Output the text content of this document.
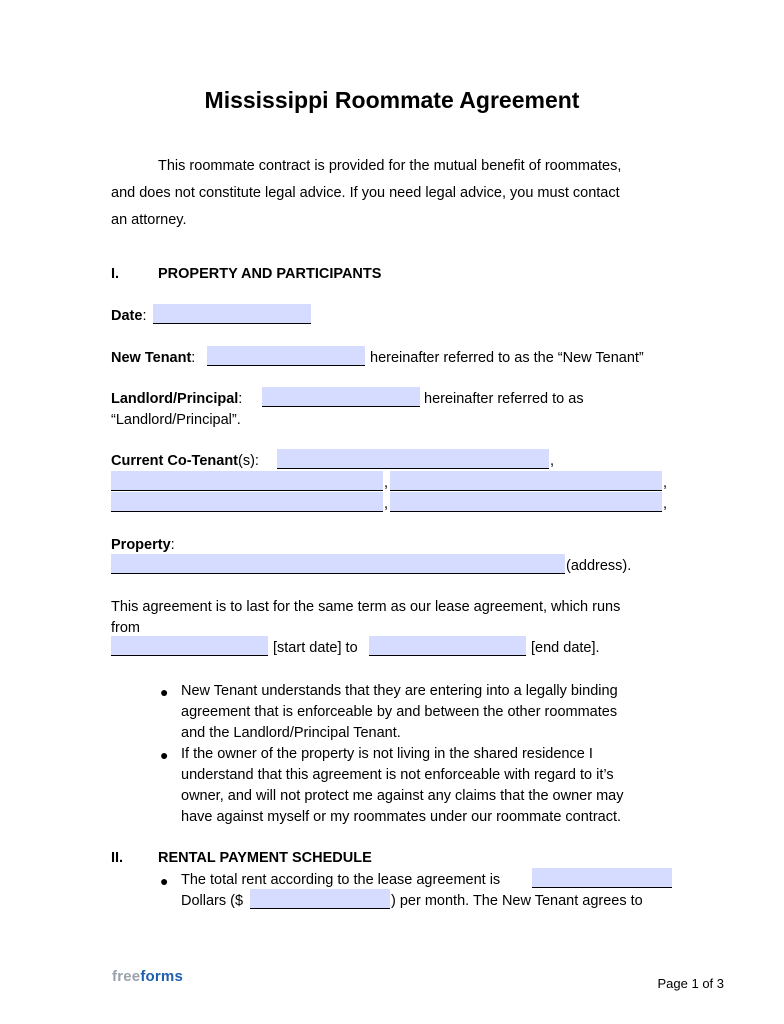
Mississippi Roommate Agreement
This roommate contract is provided for the mutual benefit of roommates,
and does not constitute legal advice. If you need legal advice, you must contact
an attorney.
I.	PROPERTY AND PARTICIPANTS
Date:
New Tenant:	hereinafter referred to as the “New Tenant”
Landlord/Principal:	hereinafter referred to as
“Landlord/Principal”.
Current Co-Tenant(s):	,
,	,
,	,
Property:
(address).
This agreement is to last for the same term as our lease agreement, which runs
from
[start date] to	[end date].
● New Tenant understands that they are entering into a legally binding
agreement that is enforceable by and between the other roommates
and the Landlord/Principal Tenant.
● If the owner of the property is not living in the shared residence I
understand that this agreement is not enforceable with regard to it’s
owner, and will not protect me against any claims that the owner may
have against myself or my roommates under our roommate contract.
II. RENTAL PAYMENT SCHEDULE
● The total rent according to the lease agreement is
Dollars ($	) per month. The New Tenant agrees to
freeforms	Page 1 of 3
